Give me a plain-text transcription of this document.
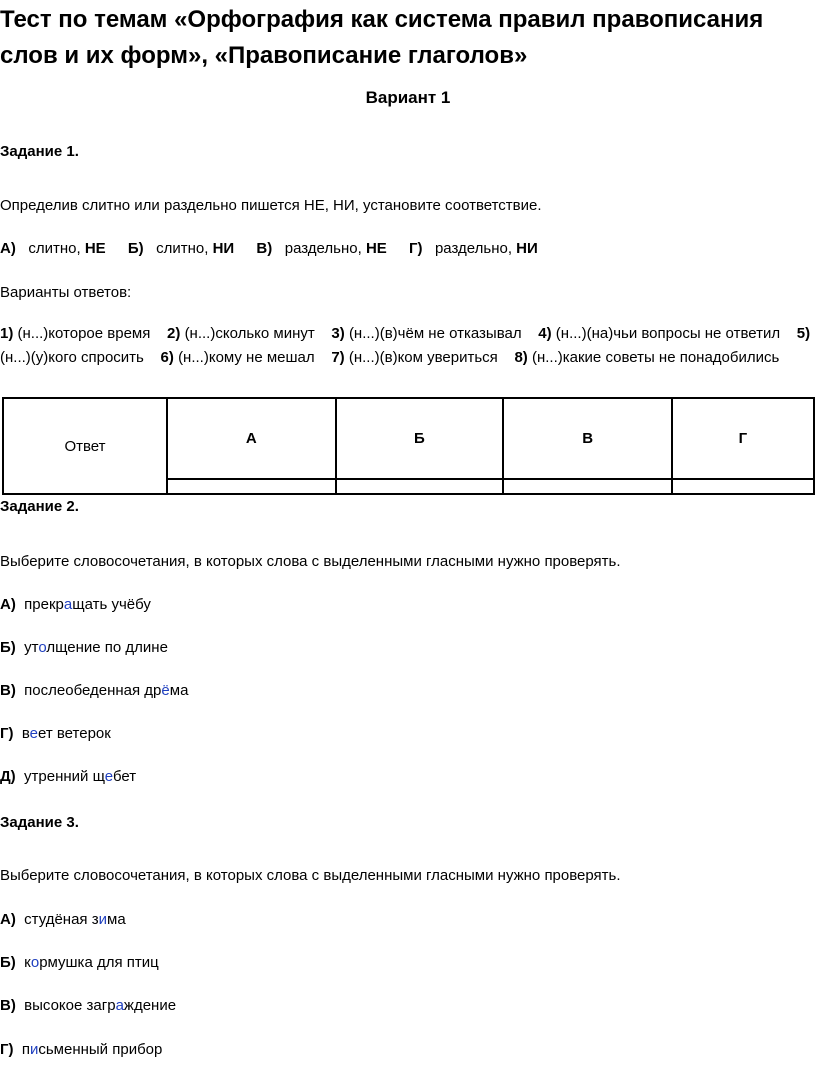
Тест по темам «Орфография как система правил правописания слов и их форм», «Правописание глаголов»
Вариант 1
Задание 1.
Определив слитно или раздельно пишется НЕ, НИ, установите соответствие.
А) слитно, НЕ Б) слитно, НИ В) раздельно, НЕ Г) раздельно, НИ
Варианты ответов:
1) (н...)которое время 2) (н...)сколько минут 3) (н...)(в)чём не отказывал 4) (н...)(на)чьи вопросы не ответил 5) (н...)(у)кого спросить 6) (н...)кому не мешал 7) (н...)(в)ком увериться 8) (н...)какие советы не понадобились
Ответ	А	Б	В	Г

Задание 2.
Выберите словосочетания, в которых слова с выделенными гласными нужно проверять.
А) прекращать учёбу
Б) утолщение по длине
В) послеобеденная дрёма
Г) веет ветерок
Д) утренний щебет
Задание 3.
Выберите словосочетания, в которых слова с выделенными гласными нужно проверять.
А) студёная зима
Б) кормушка для птиц
В) высокое заграждение
Г) письменный прибор
